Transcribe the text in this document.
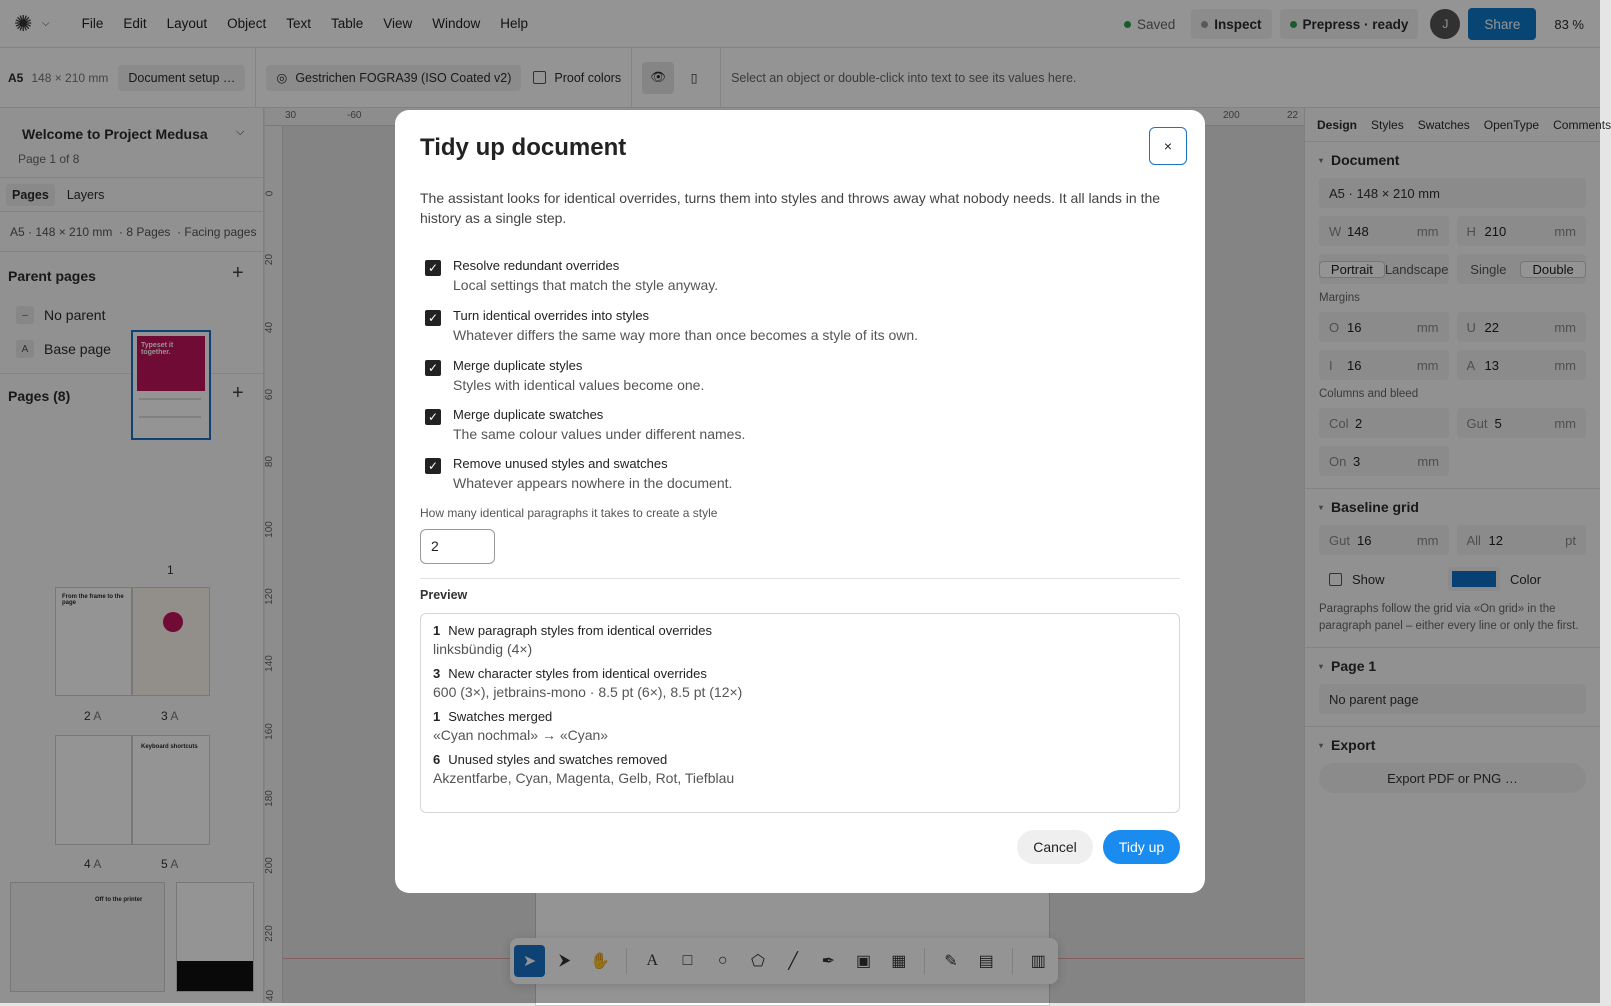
✺ ⌵	File	Edit	Layout	Object	Text	Table	View	Window	Help	Saved	Inspect	Prepress · ready	J	Share	83 %
A5 148 × 210 mm	Document setup …	◎ Gestrichen FOGRA39 (ISO Coated v2)	Proof colors	👁	▯	Select an object or double-click into text to see its values here.
Welcome to Project Medusa	⌵
Page 1 of 8
Pages	Layers
A5 · 148 × 210 mm  · 8 Pages  · Facing pages
Parent pages	+
–	No parent
A	Base page
Pages (8)	+
Typeset it together.
1
From the frame to the page
2 A	3 A
Keyboard shortcuts
4 A	5 A
Off to the printer
30	-60	200	22
0
20
40
60
80
100
120
140
160
180
200
220
40
Design Styles Swatches OpenType Comments
▾ Document
A5 · 148 × 210 mm
W 148	mm H 210	mm
Portrait Landscape	Single	Double
Margins
O 16	mm U 22	mm
I	16	mm A 13	mm
Columns and bleed
Col 2	Gut 5	mm
On 3	mm
▾ Baseline grid
Gut 16	mm All 12	pt
Show	Color
Paragraphs follow the grid via «On grid» in the paragraph panel – either every line or only the first.
▾ Page 1
No parent page
▾ Export
Export PDF or PNG …
➤	⮞	✋	A	□	○	⬠	╱	✒	▣	▦	✎	▤	▥
Tidy up document	×
The assistant looks for identical overrides, turns them into styles and throws away what nobody needs. It all lands in the history as a single step.
✓ Resolve redundant overrides
Local settings that match the style anyway.
✓ Turn identical overrides into styles
Whatever differs the same way more than once becomes a style of its own.
✓ Merge duplicate styles
Styles with identical values become one.
✓ Merge duplicate swatches
The same colour values under different names.
✓ Remove unused styles and swatches
Whatever appears nowhere in the document.
How many identical paragraphs it takes to create a style
2
Preview
1 New paragraph styles from identical overrides
linksbündig (4×)
3 New character styles from identical overrides
600 (3×), jetbrains-mono · 8.5 pt (6×), 8.5 pt (12×)
1 Swatches merged
«Cyan nochmal» → «Cyan»
6 Unused styles and swatches removed
Akzentfarbe, Cyan, Magenta, Gelb, Rot, Tiefblau
Cancel	Tidy up
